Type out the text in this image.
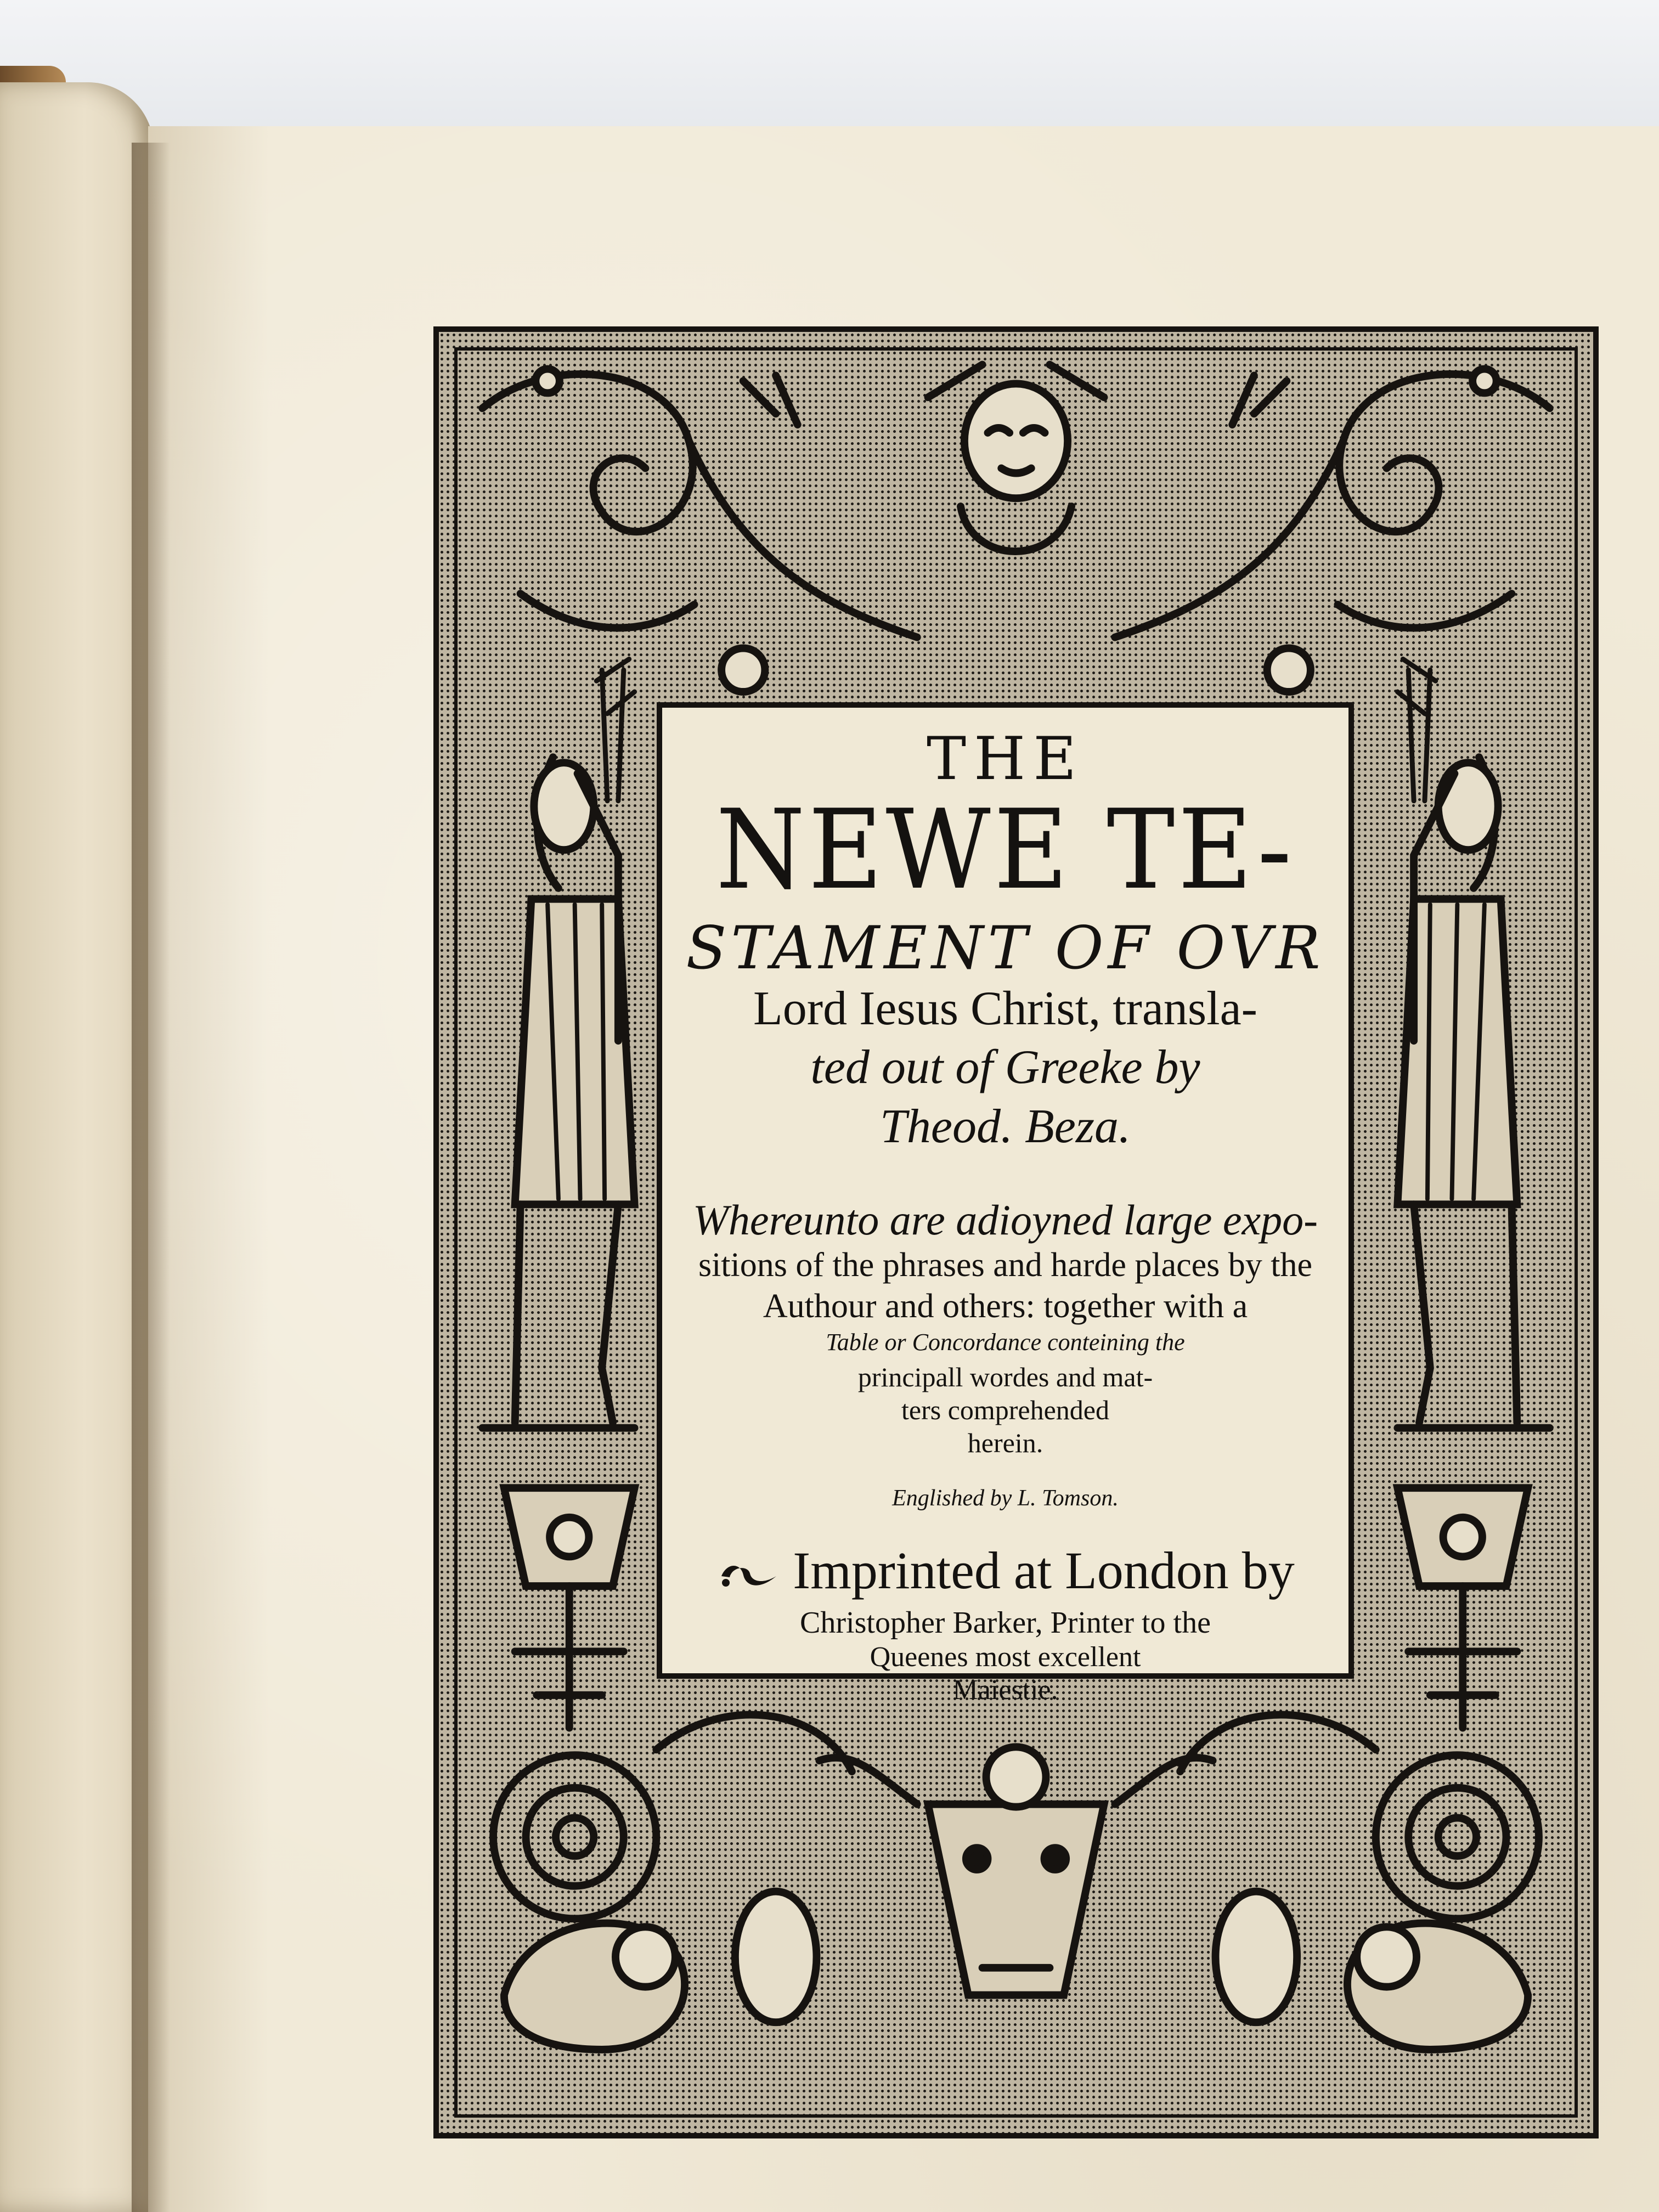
THE
NEWE TE-
STAMENT OF OVR
Lord Iesus Christ, transla-
ted out of Greeke by
Theod. Beza.
Whereunto are adioyned large expo-
sitions of the phrases and harde places by the
Authour and others: together with a
Table or Concordance conteining the
principall wordes and mat-
ters comprehended
herein.
Englished by L. Tomson.
Imprinted at London by
Christopher Barker, Printer to the
Queenes most excellent
Maiestie.
